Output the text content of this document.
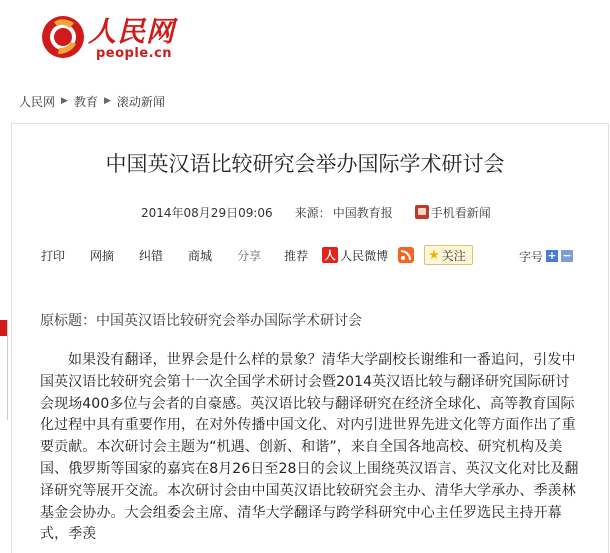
人民网
people.cn
人民网 ▶ 教育 ▶ 滚动新闻
中国英汉语比较研究会举办国际学术研讨会
2014年08月29日09:06 来源： 中国教育报	手机看新闻
打印 网摘 纠错 商城 分享 推荐 人 人民微博	★ 关注	字号 + −
原标题：中国英汉语比较研究会举办国际学术研讨会

如果没有翻译，世界会是什么样的景象？清华大学副校长谢维和一番追问，引发中国英汉语比较研究会第十一次全国学术研讨会暨2014英汉语比较与翻译研究国际研讨会现场400多位与会者的自豪感。英汉语比较与翻译研究在经济全球化、高等教育国际化过程中具有重要作用，在对外传播中国文化、对内引进世界先进文化等方面作出了重要贡献。本次研讨会主题为“机遇、创新、和谐”，来自全国各地高校、研究机构及美国、俄罗斯等国家的嘉宾在8月26日至28日的会议上围绕英汉语言、英汉文化对比及翻译研究等展开交流。本次研讨会由中国英汉语比较研究会主办、清华大学承办、季羡林基金会协办。大会组委会主席、清华大学翻译与跨学科研究中心主任罗选民主持开幕式，季羡
